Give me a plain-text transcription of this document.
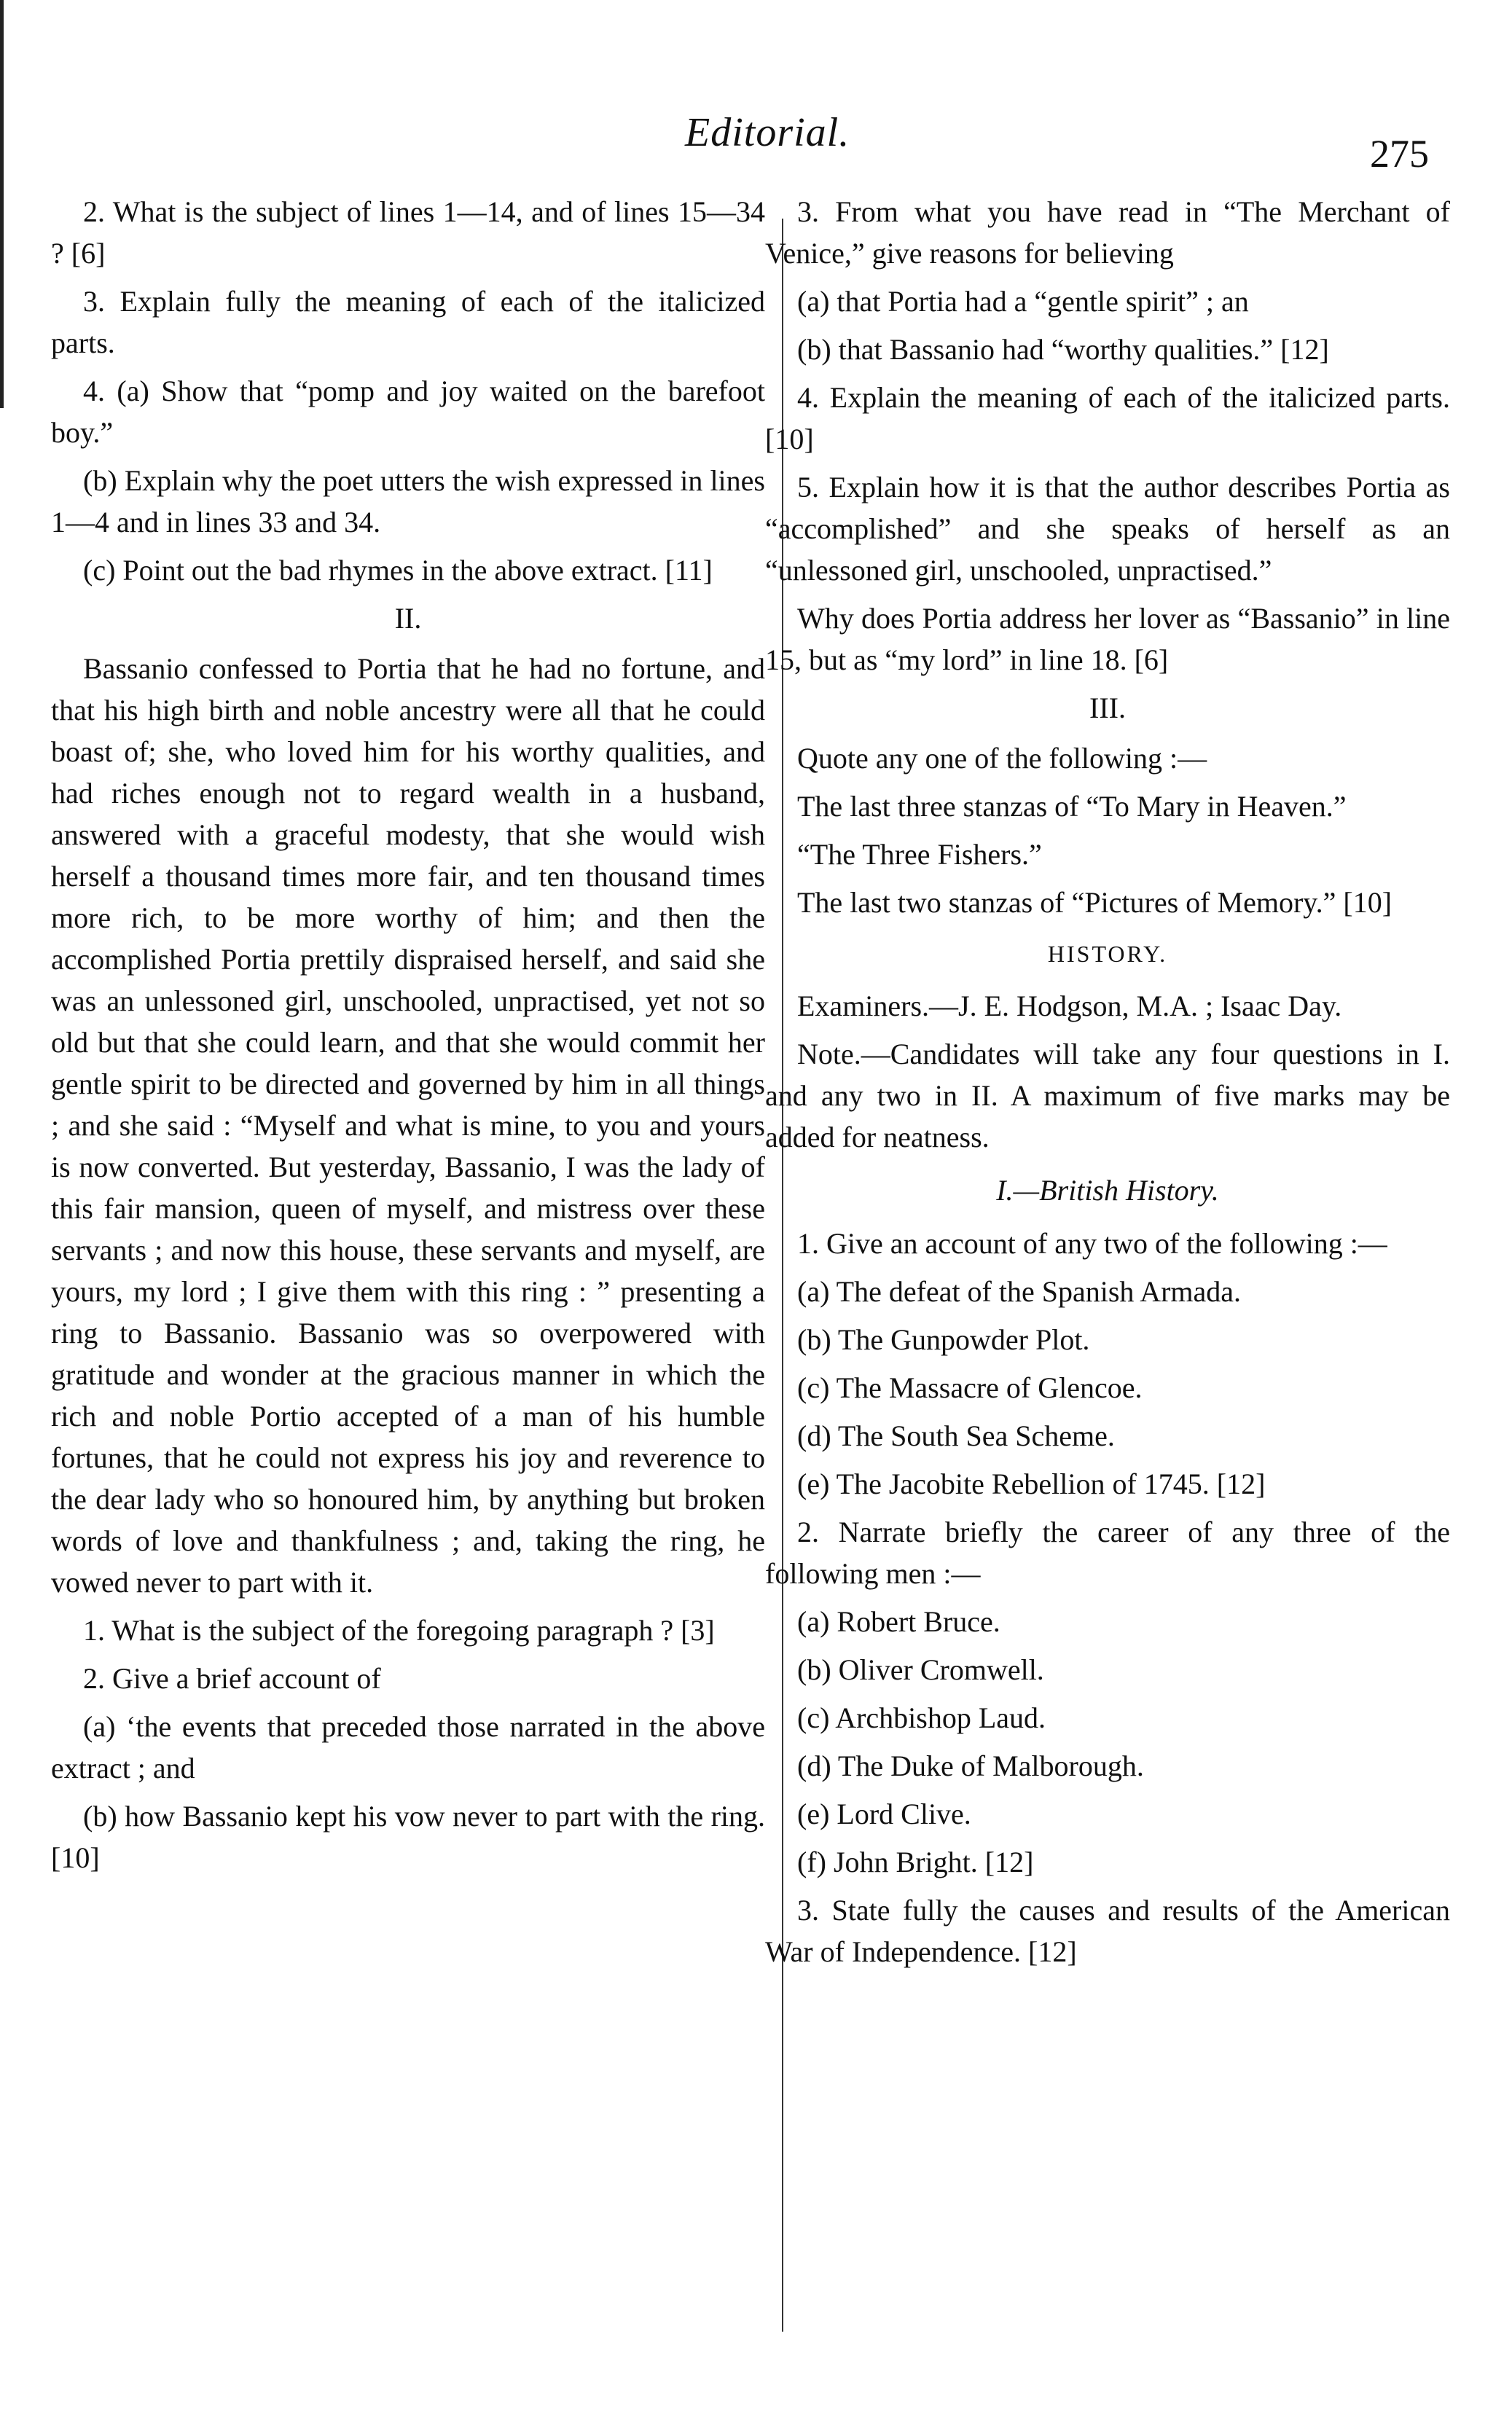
Editorial.	275

2. What is the subject of lines 1—14, and of lines 15—34 ? [6]

3. Explain fully the meaning of each of the italicized parts.

4. (a) Show that “pomp and joy waited on the barefoot boy.”

(b) Explain why the poet utters the wish expressed in lines 1—4 and in lines 33 and 34.

(c) Point out the bad rhymes in the above extract. [11]

II.

Bassanio confessed to Portia that he had no fortune, and that his high birth and noble ancestry were all that he could boast of; she, who loved him for his worthy qualities, and had riches enough not to regard wealth in a husband, answered with a graceful modesty, that she would wish herself a thousand times more fair, and ten thousand times more rich, to be more worthy of him; and then the accomplished Portia prettily dispraised herself, and said she was an unlessoned girl, unschooled, unpractised, yet not so old but that she could learn, and that she would commit her gentle spirit to be directed and governed by him in all things ; and she said : “Myself and what is mine, to you and yours is now converted. But yesterday, Bassanio, I was the lady of this fair mansion, queen of myself, and mistress over these servants ; and now this house, these servants and myself, are yours, my lord ; I give them with this ring : ” presenting a ring to Bassanio. Bassanio was so overpowered with gratitude and wonder at the gracious manner in which the rich and noble Portio accepted of a man of his humble fortunes, that he could not express his joy and reverence to the dear lady who so honoured him, by anything but broken words of love and thankfulness ; and, taking the ring, he vowed never to part with it.

1. What is the subject of the foregoing paragraph ? [3]

2. Give a brief account of

(a) ‘the events that preceded those narrated in the above extract ; and

(b) how Bassanio kept his vow never to part with the ring. [10]

3. From what you have read in “The Merchant of Venice,” give reasons for believing

(a) that Portia had a “gentle spirit” ; an

(b) that Bassanio had “worthy qualities.” [12]

4. Explain the meaning of each of the italicized parts. [10]

5. Explain how it is that the author describes Portia as “accomplished” and she speaks of herself as an “unlessoned girl, unschooled, unpractised.”

Why does Portia address her lover as “Bassanio” in line 15, but as “my lord” in line 18. [6]

III.

Quote any one of the following :—

The last three stanzas of “To Mary in Heaven.”

“The Three Fishers.”

The last two stanzas of “Pictures of Memory.” [10]

HISTORY.

Examiners.—J. E. Hodgson, M.A. ; Isaac Day.

Note.—Candidates will take any four questions in I. and any two in II. A maximum of five marks may be added for neatness.

I.—British History.

1. Give an account of any two of the following :—

(a) The defeat of the Spanish Armada.

(b) The Gunpowder Plot.

(c) The Massacre of Glencoe.

(d) The South Sea Scheme.

(e) The Jacobite Rebellion of 1745. [12]

2. Narrate briefly the career of any three of the following men :—

(a) Robert Bruce.

(b) Oliver Cromwell.

(c) Archbishop Laud.

(d) The Duke of Malborough.

(e) Lord Clive.

(f) John Bright. [12]

3. State fully the causes and results of the American War of Independence. [12]
